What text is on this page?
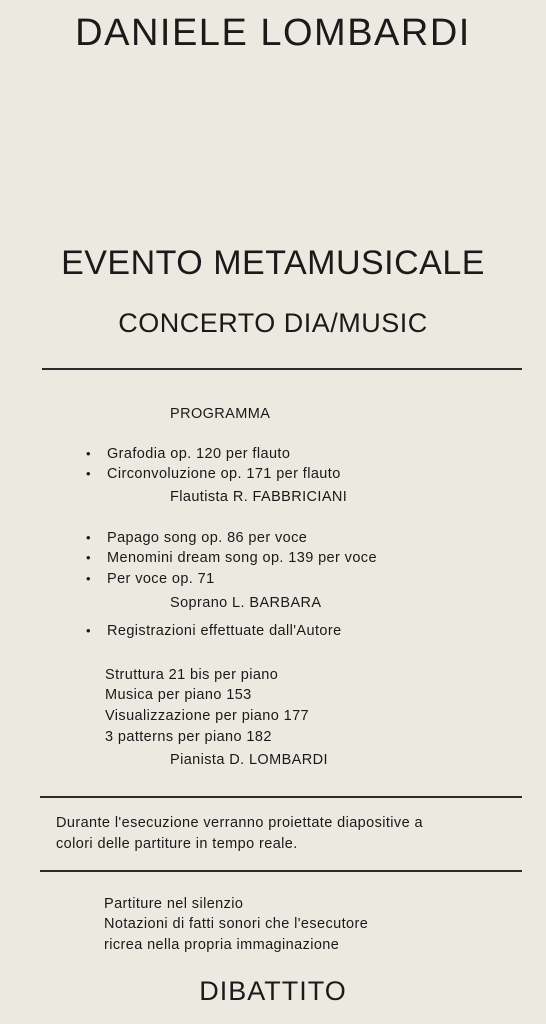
DANIELE LOMBARDI
EVENTO METAMUSICALE
CONCERTO DIA/MUSIC
PROGRAMMA
• Grafodia op. 120 per flauto
• Circonvoluzione op. 171 per flauto
Flautista R. FABBRICIANI
• Papago song op. 86 per voce
• Menomini dream song op. 139 per voce
• Per voce op. 71
Soprano L. BARBARA
• Registrazioni effettuate dall'Autore
Struttura 21 bis per piano
Musica per piano 153
Visualizzazione per piano 177
3 patterns per piano 182
Pianista D. LOMBARDI
Durante l'esecuzione verranno proiettate diapositive a
colori delle partiture in tempo reale.
Partiture nel silenzio
Notazioni di fatti sonori che l'esecutore
ricrea nella propria immaginazione
DIBATTITO
